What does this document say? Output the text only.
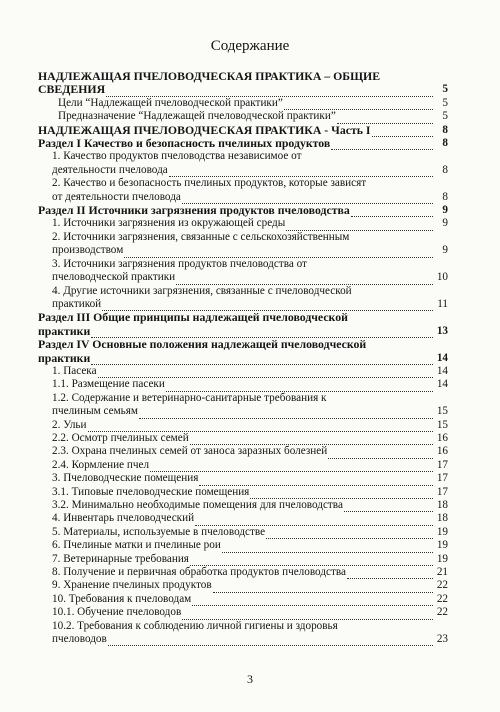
Содержание
НАДЛЕЖАЩАЯ ПЧЕЛОВОДЧЕСКАЯ ПРАКТИКА – ОБЩИЕ
СВЕДЕНИЯ	5
Цели “Надлежащей пчеловодческой практики”	5
Предназначение “Надлежащей пчеловодческой практики”	5
НАДЛЕЖАЩАЯ ПЧЕЛОВОДЧЕСКАЯ ПРАКТИКА - Часть I	8
Раздел I Качество и безопасность пчелиных продуктов	8
1. Качество продуктов пчеловодства независимое от
деятельности пчеловода	8
2. Качество и безопасность пчелиных продуктов, которые зависят
от деятельности пчеловода	8
Раздел II Источники загрязнения продуктов пчеловодства	9
1. Источники загрязнения из окружающей среды	9
2. Источники загрязнения, связанные с сельскохозяйственным
производством	9
3. Источники загрязнения продуктов пчеловодства от
пчеловодческой практики	10
4. Другие источники загрязнения, связанные с пчеловодческой
практикой	11
Раздел III Общие принципы надлежащей пчеловодческой
практики	13
Раздел IV Основные положения надлежащей пчеловодческой
практики	14
1. Пасека	14
1.1. Размещение пасеки	14
1.2. Содержание и ветеринарно-санитарные требования к
пчелиным семьям	15
2. Ульи	15
2.2. Осмотр пчелиных семей	16
2.3. Охрана пчелиных семей от заноса заразных болезней	16
2.4. Кормление пчел	17
3. Пчеловодческие помещения	17
3.1. Типовые пчеловодческие помещения	17
3.2. Минимально необходимые помещения для пчеловодства	18
4. Инвентарь пчеловодческий	18
5. Материалы, используемые в пчеловодстве	19
6. Пчелиные матки и пчелиные рои	19
7. Ветеринарные требования	19
8. Получение и первичная обработка продуктов пчеловодства	21
9. Хранение пчелиных продуктов	22
10. Требования к пчеловодам	22
10.1. Обучение пчеловодов	22
10.2. Требования к соблюдению личной гигиены и здоровья
пчеловодов	23
3
